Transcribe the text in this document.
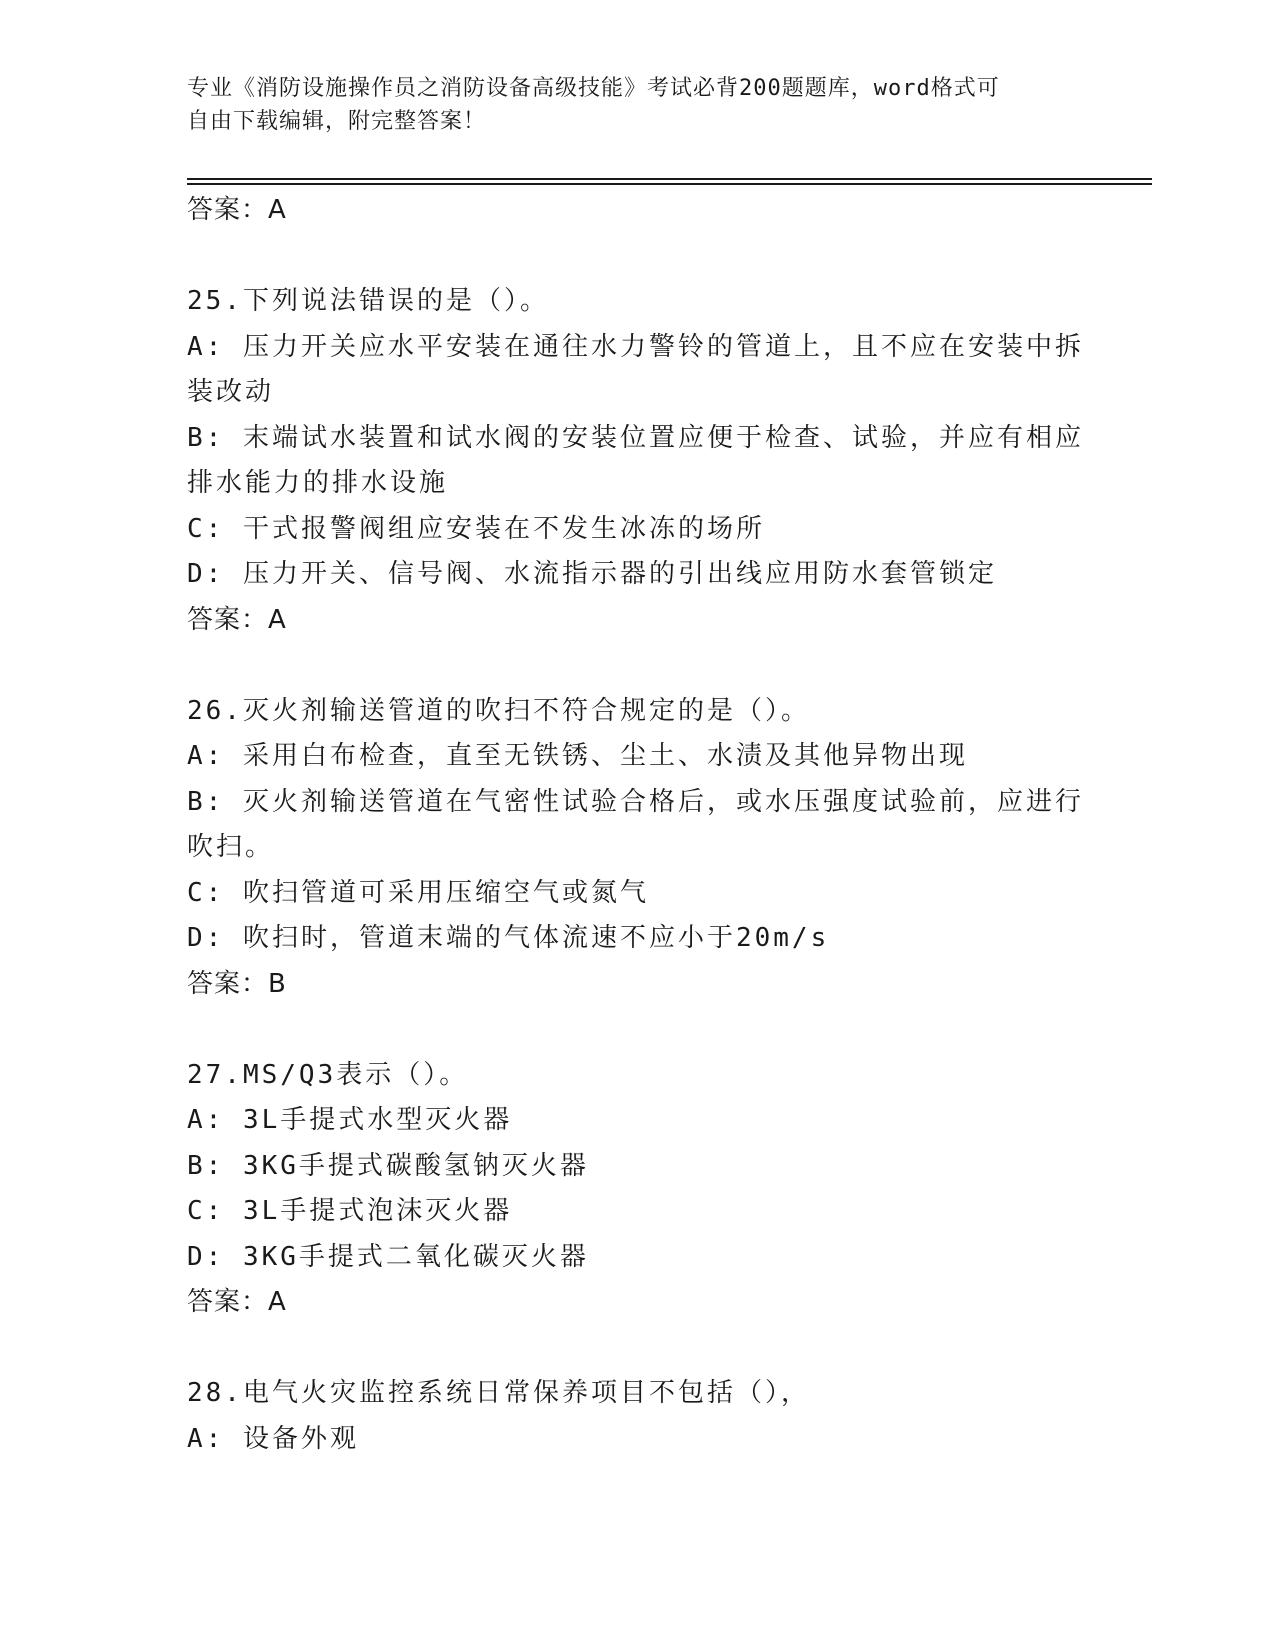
专业《消防设施操作员之消防设备高级技能》考试必背200题题库，word格式可
自由下载编辑，附完整答案！
答案：A
25.下列说法错误的是（）。
A: 压力开关应水平安装在通往水力警铃的管道上，且不应在安装中拆
装改动
B: 末端试水装置和试水阀的安装位置应便于检查、试验，并应有相应
排水能力的排水设施
C: 干式报警阀组应安装在不发生冰冻的场所
D: 压力开关、信号阀、水流指示器的引出线应用防水套管锁定
答案：A
26.灭火剂输送管道的吹扫不符合规定的是（）。
A: 采用白布检查，直至无铁锈、尘土、水渍及其他异物出现
B: 灭火剂输送管道在气密性试验合格后，或水压强度试验前，应进行
吹扫。
C: 吹扫管道可采用压缩空气或氮气
D: 吹扫时，管道末端的气体流速不应小于20m/s
答案：B
27.MS/Q3表示（）。
A: 3L手提式水型灭火器
B: 3KG手提式碳酸氢钠灭火器
C: 3L手提式泡沫灭火器
D: 3KG手提式二氧化碳灭火器
答案：A
28.电气火灾监控系统日常保养项目不包括（），
A: 设备外观
